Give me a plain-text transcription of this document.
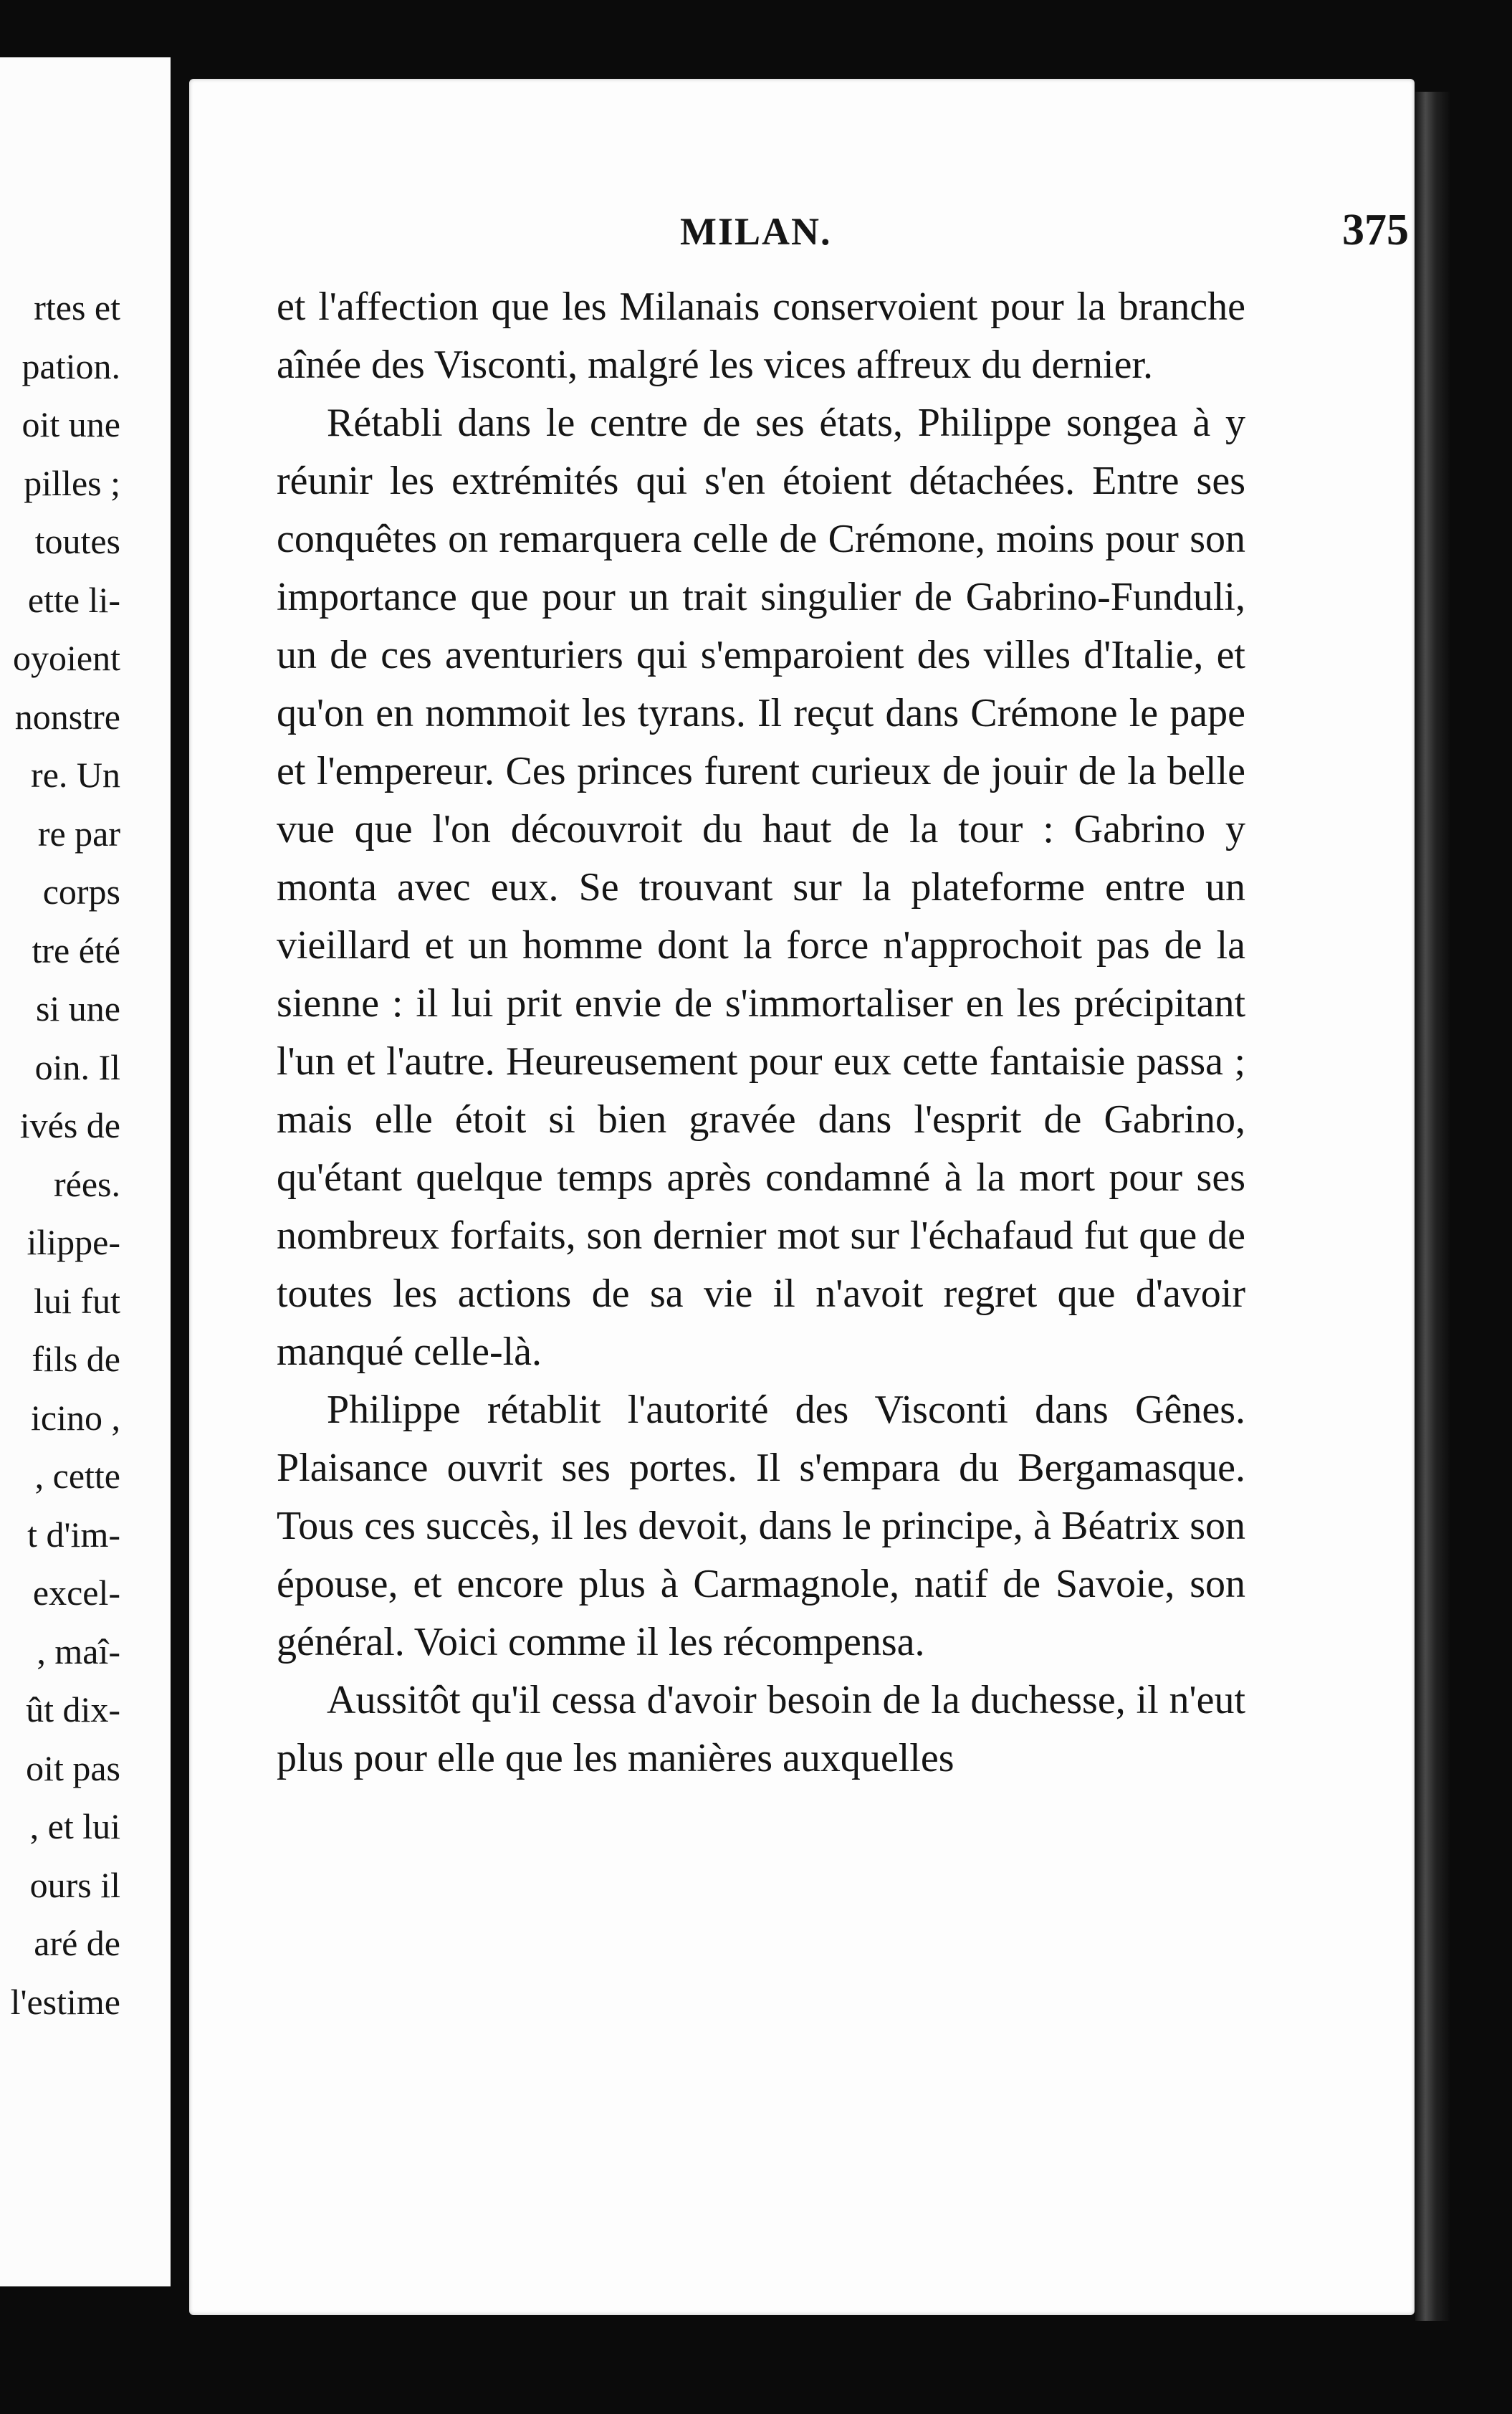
rtes et
pation.
oit une
pilles ;
toutes
ette li-
oyoient
nonstre
re. Un
re par
corps
tre été
si une
oin. Il
ivés de
rées.
ilippe-
lui fut
fils de
icino ,
, cette
t d'im-
excel-
, maî-
ût dix-
oit pas
, et lui
ours il
aré de
l'estime
MILAN.	375

et l'affection que les Milanais conservoient pour la branche aînée des Visconti, malgré les vices affreux du dernier.

Rétabli dans le centre de ses états, Philippe songea à y réunir les extrémités qui s'en étoient détachées. Entre ses conquêtes on remarquera celle de Crémone, moins pour son importance que pour un trait singulier de Gabrino-Funduli, un de ces aventuriers qui s'emparoient des villes d'Italie, et qu'on en nommoit les tyrans. Il reçut dans Crémone le pape et l'empereur. Ces princes furent curieux de jouir de la belle vue que l'on découvroit du haut de la tour : Gabrino y monta avec eux. Se trouvant sur la plateforme entre un vieillard et un homme dont la force n'approchoit pas de la sienne : il lui prit envie de s'immortaliser en les précipitant l'un et l'autre. Heureusement pour eux cette fantaisie passa ; mais elle étoit si bien gravée dans l'esprit de Gabrino, qu'étant quelque temps après condamné à la mort pour ses nombreux forfaits, son dernier mot sur l'échafaud fut que de toutes les actions de sa vie il n'avoit regret que d'avoir manqué celle-là.

Philippe rétablit l'autorité des Visconti dans Gênes. Plaisance ouvrit ses portes. Il s'empara du Bergamasque. Tous ces succès, il les devoit, dans le principe, à Béatrix son épouse, et encore plus à Carmagnole, natif de Savoie, son général. Voici comme il les récompensa.

Aussitôt qu'il cessa d'avoir besoin de la duchesse, il n'eut plus pour elle que les manières auxquelles
